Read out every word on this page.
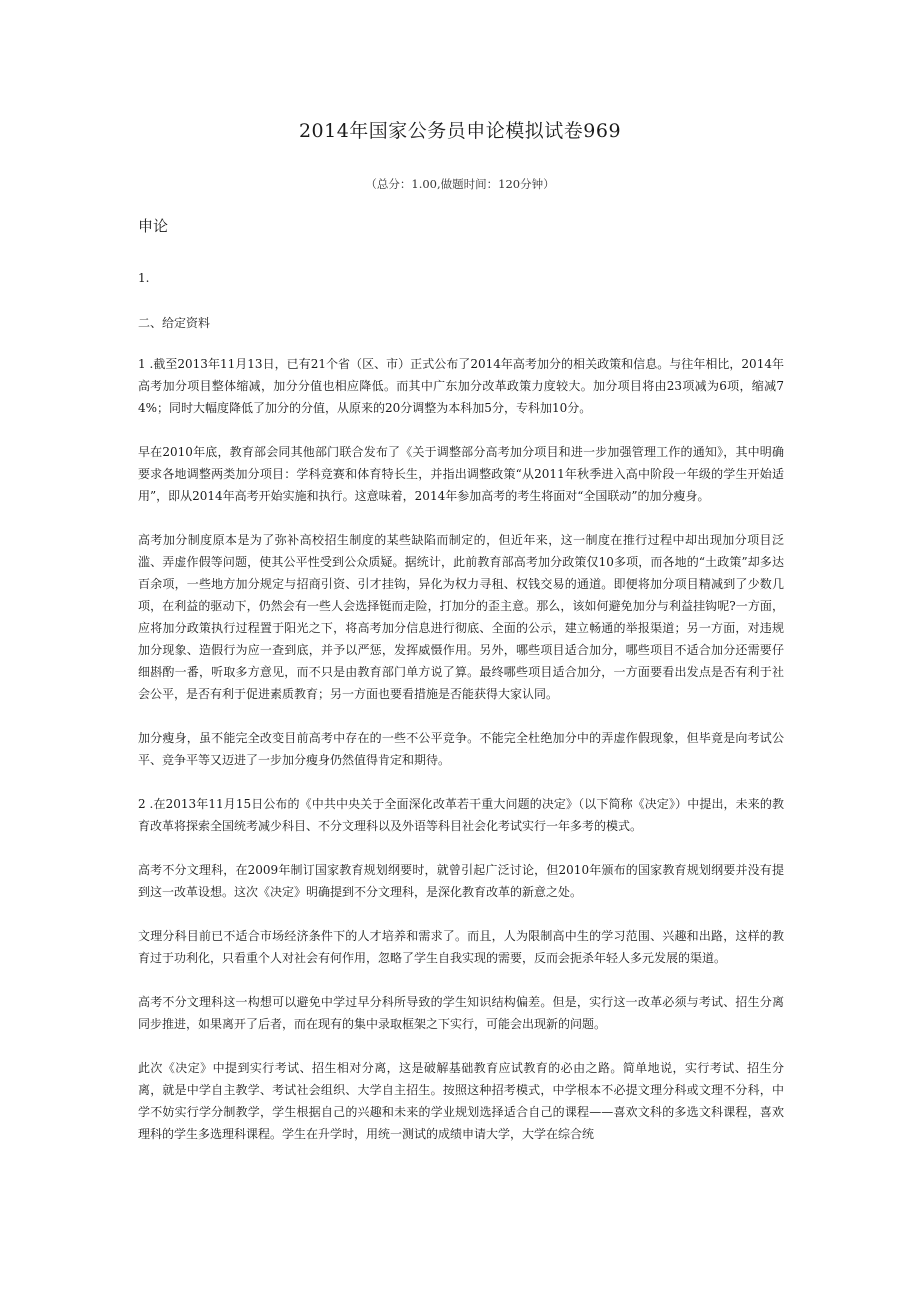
2014年国家公务员申论模拟试卷969
（总分：1.00,做题时间：120分钟）
申论
1.
二、给定资料

1 .截至2013年11月13日，已有21个省（区、市）正式公布了2014年高考加分的相关政策和信息。与往年相比，2014年高考加分项目整体缩减，加分分值也相应降低。而其中广东加分改革政策力度较大。加分项目将由23项减为6项，缩减74%；同时大幅度降低了加分的分值，从原来的20分调整为本科加5分，专科加10分。

早在2010年底，教育部会同其他部门联合发布了《关于调整部分高考加分项目和进一步加强管理工作的通知》，其中明确要求各地调整两类加分项目：学科竞赛和体育特长生，并指出调整政策“从2011年秋季进入高中阶段一年级的学生开始适用”，即从2014年高考开始实施和执行。这意味着，2014年参加高考的考生将面对“全国联动”的加分瘦身。

高考加分制度原本是为了弥补高校招生制度的某些缺陷而制定的，但近年来，这一制度在推行过程中却出现加分项目泛滥、弄虚作假等问题，使其公平性受到公众质疑。据统计，此前教育部高考加分政策仅10多项，而各地的“土政策”却多达百余项，一些地方加分规定与招商引资、引才挂钩，异化为权力寻租、权钱交易的通道。即便将加分项目精减到了少数几项，在利益的驱动下，仍然会有一些人会选择铤而走险，打加分的歪主意。那么，该如何避免加分与利益挂钩呢?一方面，应将加分政策执行过程置于阳光之下，将高考加分信息进行彻底、全面的公示，建立畅通的举报渠道；另一方面，对违规加分现象、造假行为应一查到底，并予以严惩，发挥威慑作用。另外，哪些项目适合加分，哪些项目不适合加分还需要仔细斟酌一番，听取多方意见，而不只是由教育部门单方说了算。最终哪些项目适合加分，一方面要看出发点是否有利于社会公平，是否有利于促进素质教育；另一方面也要看措施是否能获得大家认同。

加分瘦身，虽不能完全改变目前高考中存在的一些不公平竞争。不能完全杜绝加分中的弄虚作假现象，但毕竟是向考试公平、竞争平等又迈进了一步加分瘦身仍然值得肯定和期待。

2 .在2013年11月15日公布的《中共中央关于全面深化改革若干重大问题的决定》（以下简称《决定》）中提出，未来的教育改革将探索全国统考减少科目、不分文理科以及外语等科目社会化考试实行一年多考的模式。

高考不分文理科，在2009年制订国家教育规划纲要时，就曾引起广泛讨论，但2010年颁布的国家教育规划纲要并没有提到这一改革设想。这次《决定》明确提到不分文理科，是深化教育改革的新意之处。

文理分科目前已不适合市场经济条件下的人才培养和需求了。而且，人为限制高中生的学习范围、兴趣和出路，这样的教育过于功利化，只看重个人对社会有何作用，忽略了学生自我实现的需要，反而会扼杀年轻人多元发展的渠道。

高考不分文理科这一构想可以避免中学过早分科所导致的学生知识结构偏差。但是，实行这一改革必须与考试、招生分离同步推进，如果离开了后者，而在现有的集中录取框架之下实行，可能会出现新的问题。

此次《决定》中提到实行考试、招生相对分离，这是破解基础教育应试教育的必由之路。简单地说，实行考试、招生分离，就是中学自主教学、考试社会组织、大学自主招生。按照这种招考模式，中学根本不必提文理分科或文理不分科，中学不妨实行学分制教学，学生根据自己的兴趣和未来的学业规划选择适合自己的课程——喜欢文科的多选文科课程，喜欢理科的学生多选理科课程。学生在升学时，用统一测试的成绩申请大学，大学在综合统
